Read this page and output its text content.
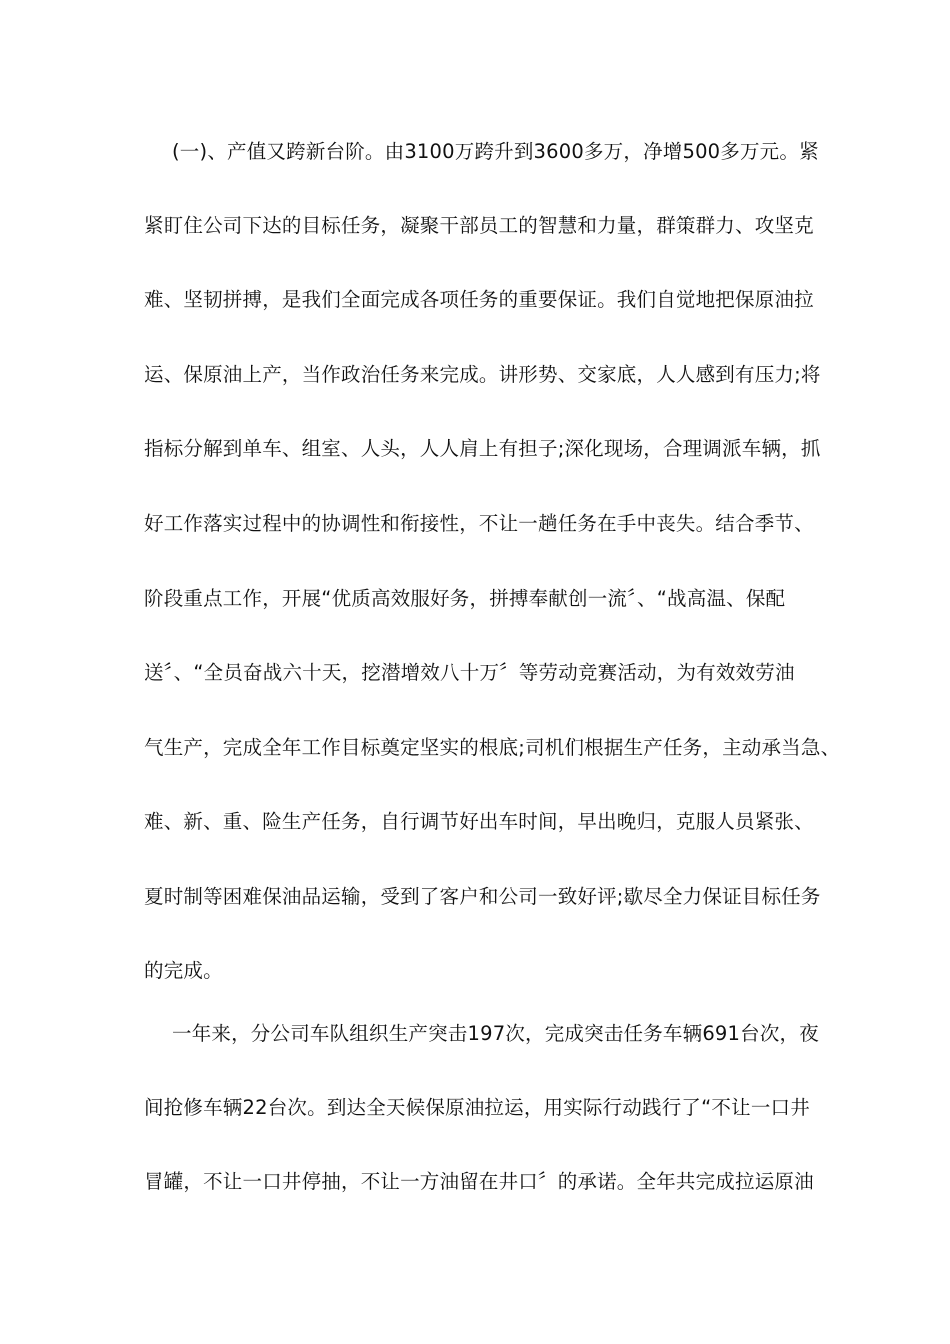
(一)、产值又跨新台阶。由3100万跨升到3600多万，净增500多万元。紧
紧盯住公司下达的目标任务，凝聚干部员工的智慧和力量，群策群力、攻坚克
难、坚韧拼搏，是我们全面完成各项任务的重要保证。我们自觉地把保原油拉
运、保原油上产，当作政治任务来完成。讲形势、交家底，人人感到有压力;将
指标分解到单车、组室、人头，人人肩上有担子;深化现场，合理调派车辆，抓
好工作落实过程中的协调性和衔接性，不让一趟任务在手中丧失。结合季节、
阶段重点工作，开展“优质高效服好务，拼搏奉献创一流〞、“战高温、保配
送〞、“全员奋战六十天，挖潜增效八十万〞等劳动竞赛活动，为有效效劳油
气生产，完成全年工作目标奠定坚实的根底;司机们根据生产任务，主动承当急、
难、新、重、险生产任务，自行调节好出车时间，早出晚归，克服人员紧张、
夏时制等困难保油品运输，受到了客户和公司一致好评;歇尽全力保证目标任务
的完成。
一年来，分公司车队组织生产突击197次，完成突击任务车辆691台次，夜
间抢修车辆22台次。到达全天候保原油拉运，用实际行动践行了“不让一口井
冒罐，不让一口井停抽，不让一方油留在井口〞的承诺。全年共完成拉运原油
